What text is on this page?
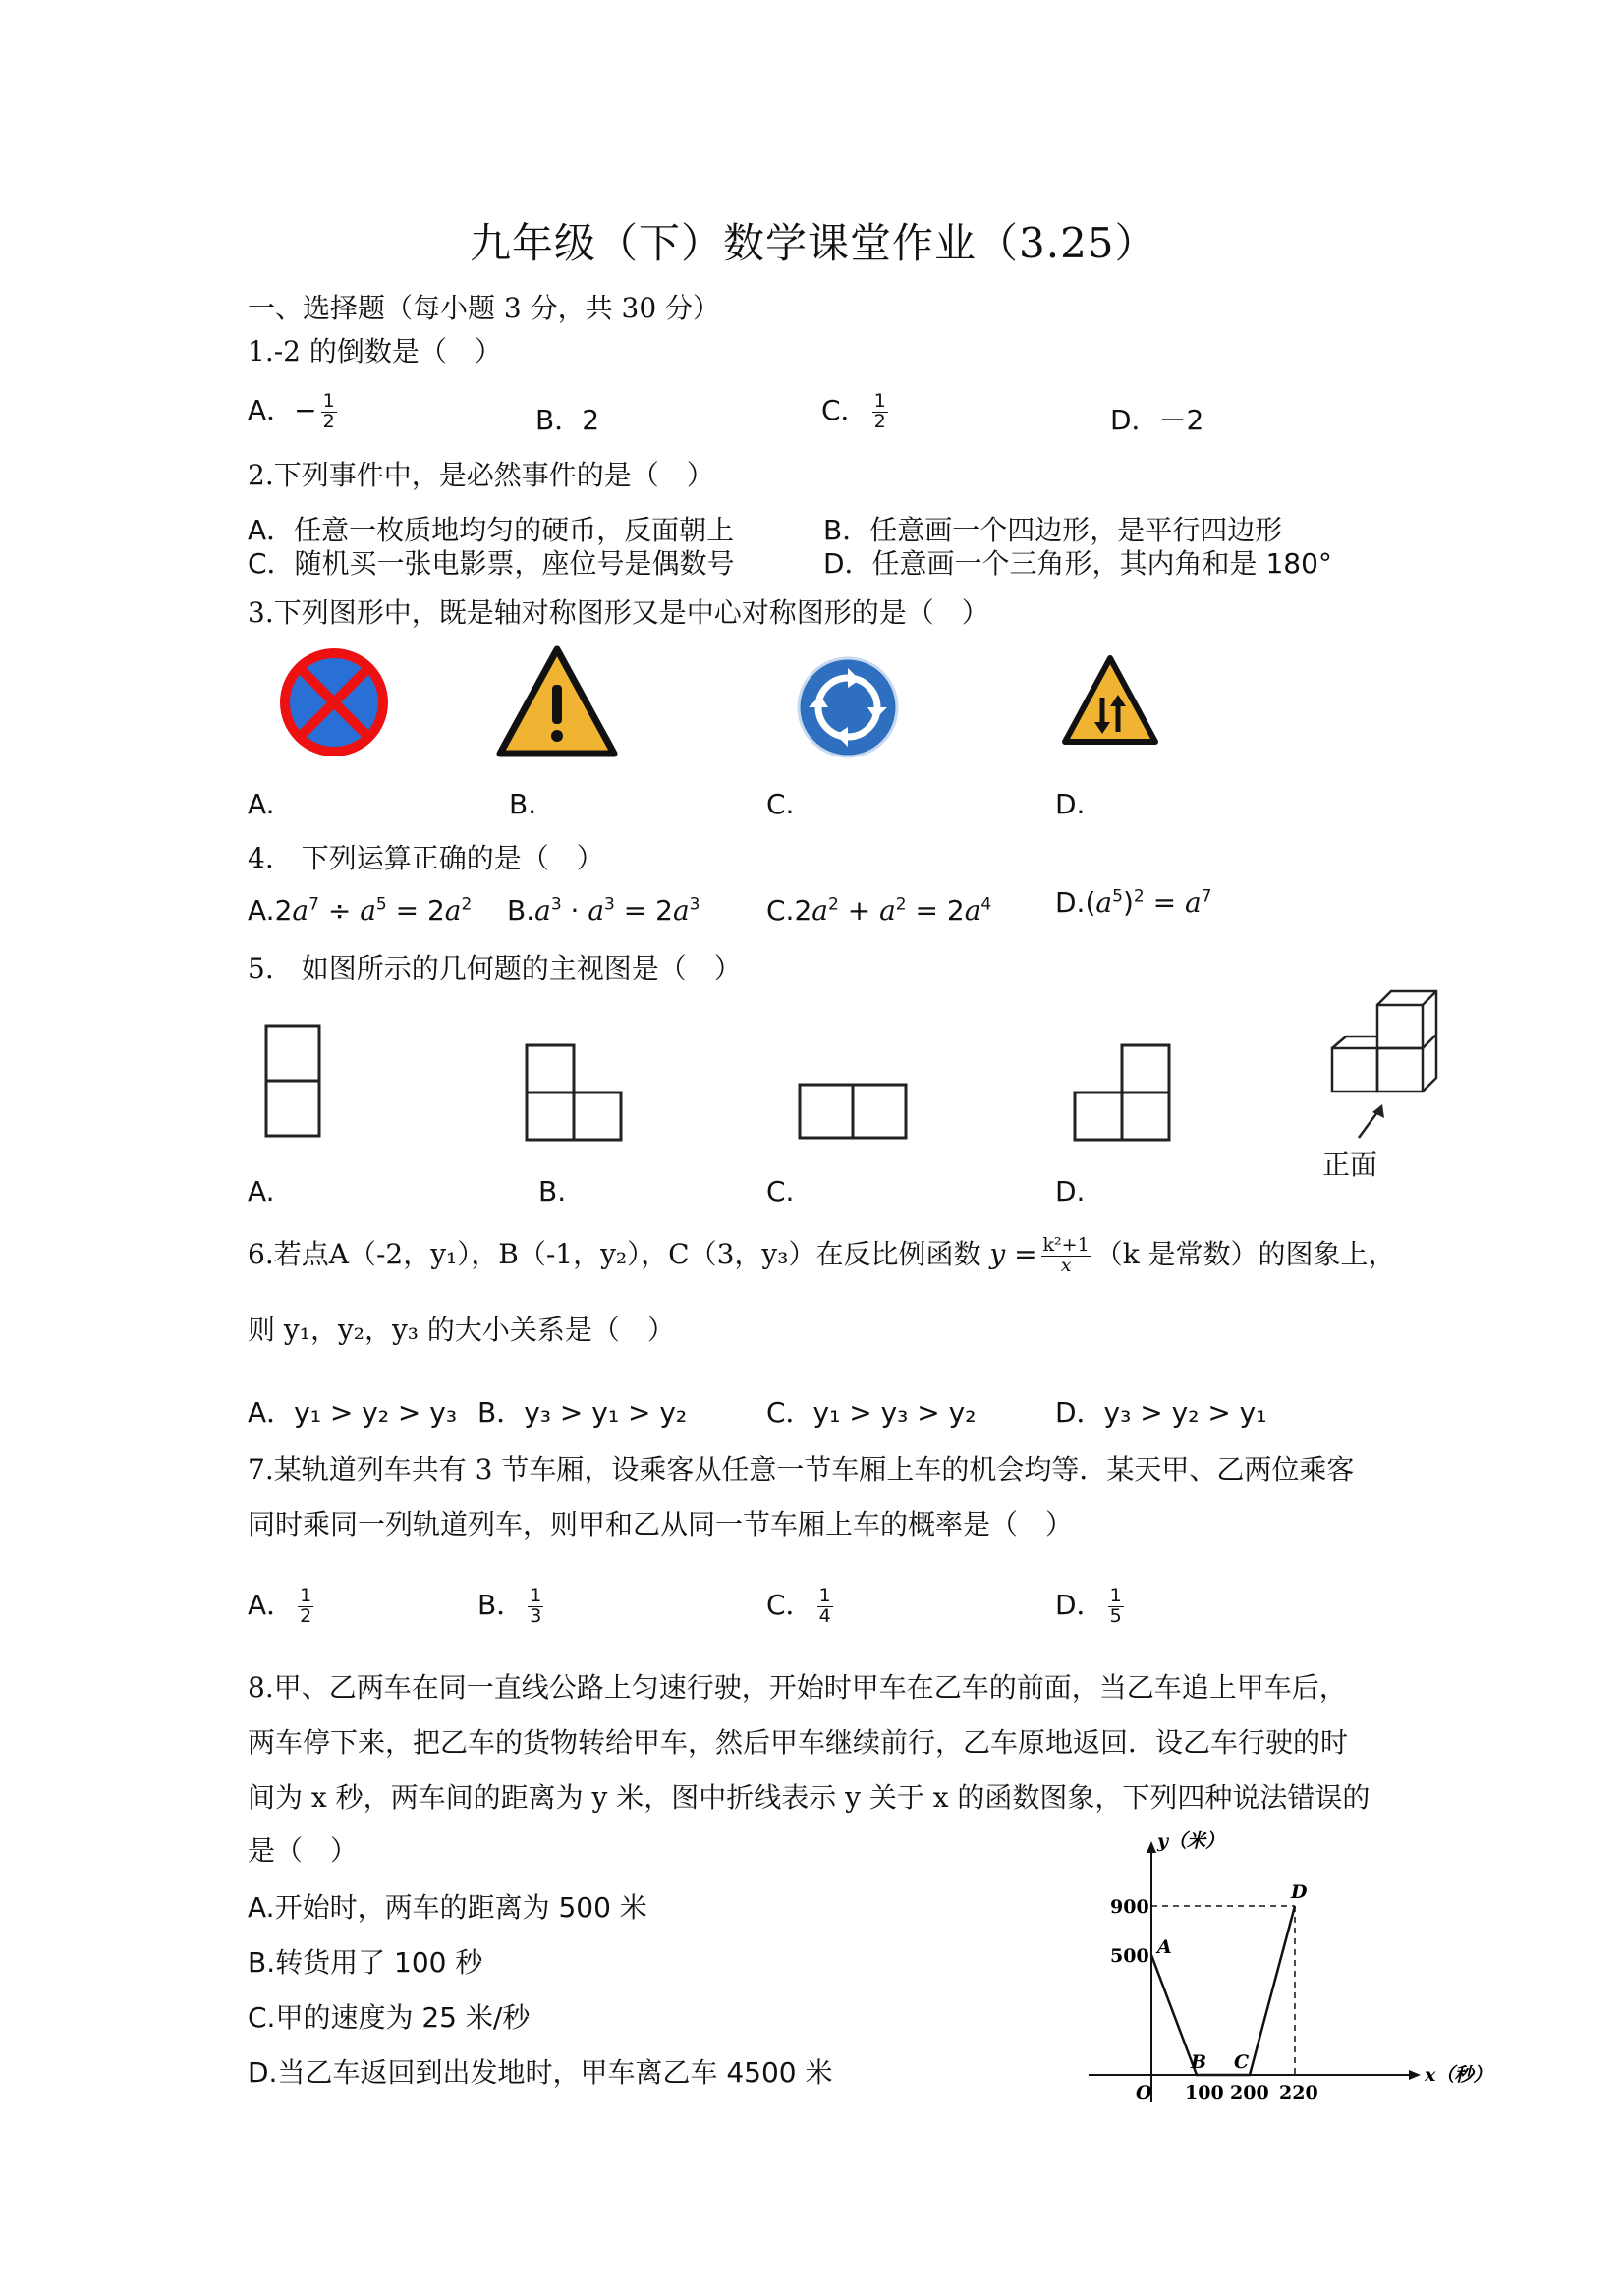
九年级（下）数学课堂作业（3.25）
一、选择题（每小题 3 分，共 30 分）
1.-2 的倒数是（　）
A．− $\frac{1}{2}$	B．2	C． $\frac{1}{2}$	D．－2
2.下列事件中，是必然事件的是（　）
A．任意一枚质地均匀的硬币，反面朝上	B．任意画一个四边形，是平行四边形
C．随机买一张电影票，座位号是偶数号	D．任意画一个三角形，其内角和是 180°
3.下列图形中，既是轴对称图形又是中心对称图形的是（　）
A.	B.	C.	D.
4.　下列运算正确的是（　）
$A.2a^7 \div a^5 = 2a^2$ $B.a^3 \cdot a^3 = 2a^3$ $C.2a^2 + a^2 = 2a^4$ $D.(a^5)^2 = a^7$
5.　如图所示的几何题的主视图是（　）
正面
A.	B.	C.	D.
6.若点A（-2，y₁），B（-1，y₂），C（3，y₃）在反比例函数 $y = \frac{\text{k²+1}}{x} (k$ 是常数）的图象上，
则 y₁，y₂，y₃ 的大小关系是（　）
A．y₁ > y₂ > y₃ B．y₃ > y₁ > y₂	C．y₁ > y₃ > y₂	D．y₃ > y₂ > y₁
7.某轨道列车共有 3 节车厢，设乘客从任意一节车厢上车的机会均等．某天甲、乙两位乘客
同时乘同一列轨道列车，则甲和乙从同一节车厢上车的概率是（　）
A． $\frac{1}{2}$	B． $\frac{1}{3}$	C． $\frac{1}{4}$	D． $\frac{1}{5}$
8.甲、乙两车在同一直线公路上匀速行驶，开始时甲车在乙车的前面，当乙车追上甲车后，
两车停下来，把乙车的货物转给甲车，然后甲车继续前行，乙车原地返回．设乙车行驶的时
间为 x 秒，两车间的距离为 y 米，图中折线表示 y 关于 x 的函数图象，下列四种说法错误的
是（　）
A.开始时，两车的距离为 500 米
B.转货用了 100 秒
C.甲的速度为 25 米/秒
D.当乙车返回到出发地时，甲车离乙车 4500 米
y（米）
x（秒）
O
900
500
100 200 220
A
B C
D
